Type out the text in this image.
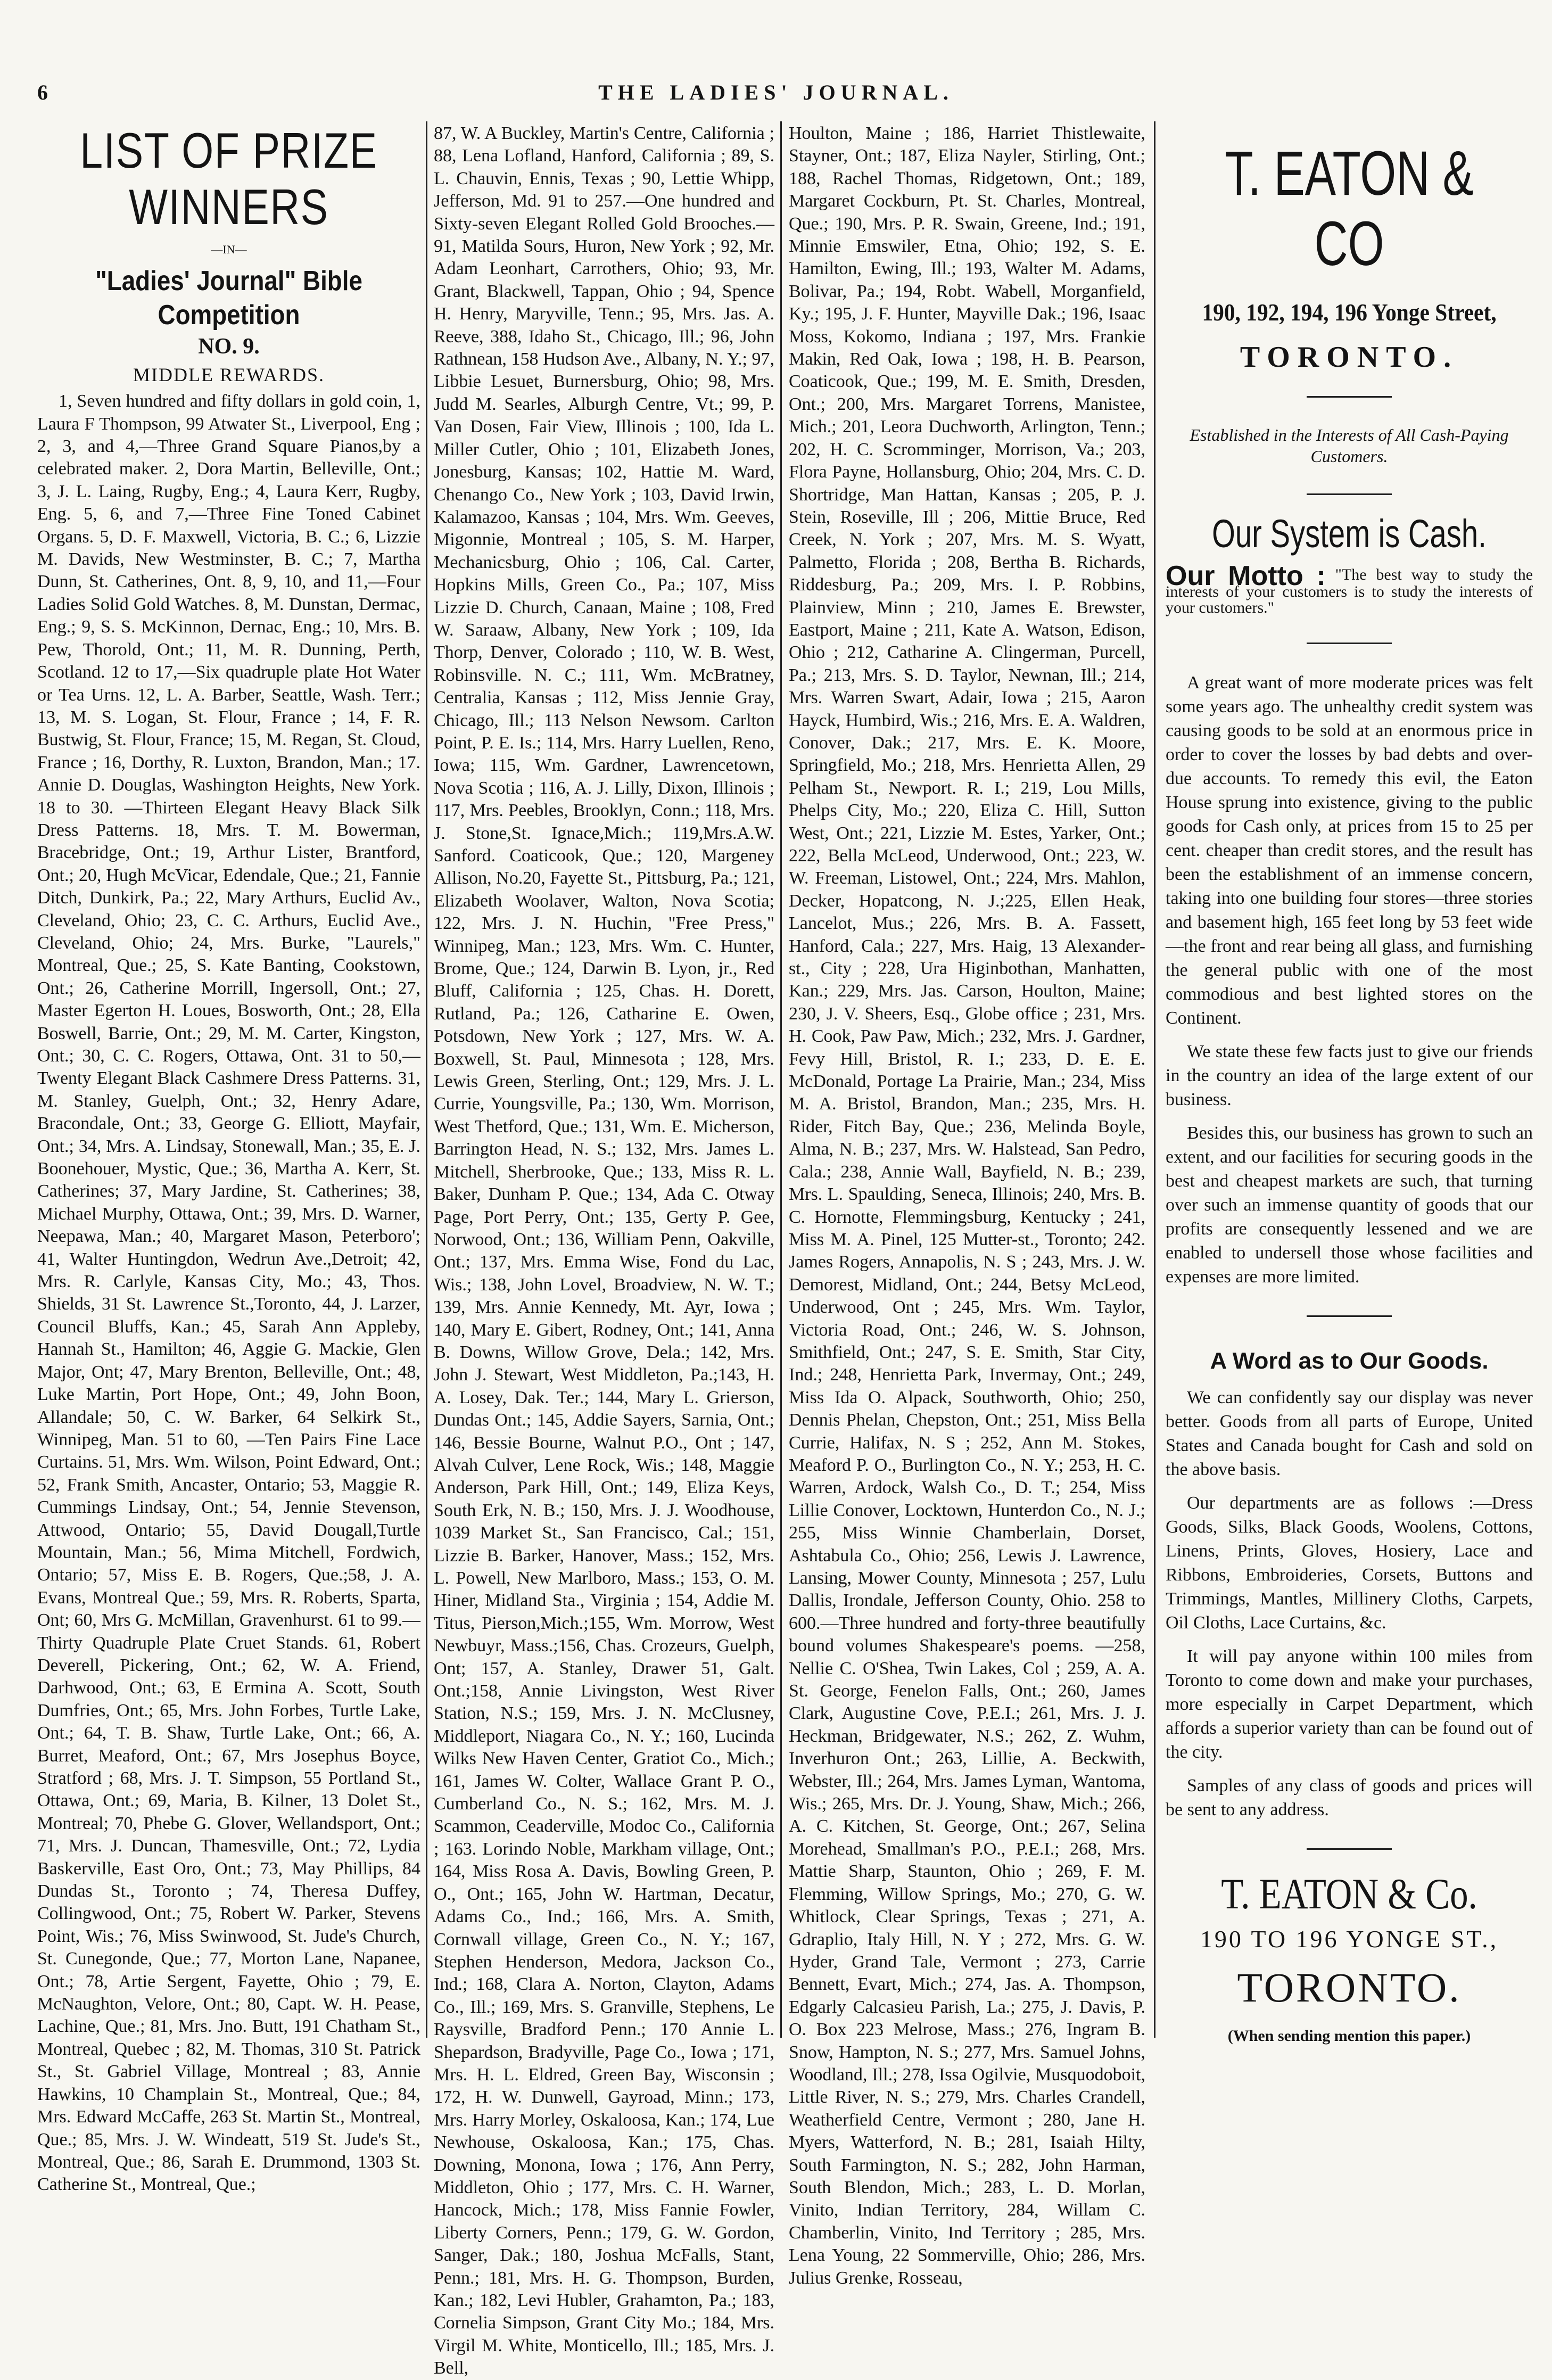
6	THE LADIES' JOURNAL.
LIST OF PRIZE WINNERS
—IN—
"Ladies' Journal" Bible Competition
NO. 9.
MIDDLE REWARDS.

1, Seven hundred and fifty dollars in gold coin, 1, Laura F Thompson, 99 Atwater St., Liverpool, Eng ; 2, 3, and 4,—Three Grand Square Pianos,by a celebrated maker. 2, Dora Martin, Belleville, Ont.; 3, J. L. Laing, Rugby, Eng.; 4, Laura Kerr, Rugby, Eng. 5, 6, and 7,—Three Fine Toned Cabinet Organs. 5, D. F. Maxwell, Victoria, B. C.; 6, Lizzie M. Davids, New Westminster, B. C.; 7, Martha Dunn, St. Catherines, Ont. 8, 9, 10, and 11,—Four Ladies Solid Gold Watches. 8, M. Dunstan, Dermac, Eng.; 9, S. S. McKinnon, Dernac, Eng.; 10, Mrs. B. Pew, Thorold, Ont.; 11, M. R. Dunning, Perth, Scotland. 12 to 17,—Six quadruple plate Hot Water or Tea Urns. 12, L. A. Barber, Seattle, Wash. Terr.; 13, M. S. Logan, St. Flour, France ; 14, F. R. Bustwig, St. Flour, France; 15, M. Regan, St. Cloud, France ; 16, Dorthy, R. Luxton, Brandon, Man.; 17. Annie D. Douglas, Washington Heights, New York. 18 to 30. —Thirteen Elegant Heavy Black Silk Dress Patterns. 18, Mrs. T. M. Bowerman, Bracebridge, Ont.; 19, Arthur Lister, Brantford, Ont.; 20, Hugh McVicar, Edendale, Que.; 21, Fannie Ditch, Dunkirk, Pa.; 22, Mary Arthurs, Euclid Av., Cleveland, Ohio; 23, C. C. Arthurs, Euclid Ave., Cleveland, Ohio; 24, Mrs. Burke, "Laurels," Montreal, Que.; 25, S. Kate Banting, Cookstown, Ont.; 26, Catherine Morrill, Ingersoll, Ont.; 27, Master Egerton H. Loues, Bosworth, Ont.; 28, Ella Boswell, Barrie, Ont.; 29, M. M. Carter, Kingston, Ont.; 30, C. C. Rogers, Ottawa, Ont. 31 to 50,—Twenty Elegant Black Cashmere Dress Patterns. 31, M. Stanley, Guelph, Ont.; 32, Henry Adare, Bracondale, Ont.; 33, George G. Elliott, Mayfair, Ont.; 34, Mrs. A. Lindsay, Stonewall, Man.; 35, E. J. Boonehouer, Mystic, Que.; 36, Martha A. Kerr, St. Catherines; 37, Mary Jardine, St. Catherines; 38, Michael Murphy, Ottawa, Ont.; 39, Mrs. D. Warner, Neepawa, Man.; 40, Margaret Mason, Peterboro'; 41, Walter Huntingdon, Wedrun Ave.,Detroit; 42, Mrs. R. Carlyle, Kansas City, Mo.; 43, Thos. Shields, 31 St. Lawrence St.,Toronto, 44, J. Larzer, Council Bluffs, Kan.; 45, Sarah Ann Appleby, Hannah St., Hamilton; 46, Aggie G. Mackie, Glen Major, Ont; 47, Mary Brenton, Belleville, Ont.; 48, Luke Martin, Port Hope, Ont.; 49, John Boon, Allandale; 50, C. W. Barker, 64 Selkirk St., Winnipeg, Man. 51 to 60, —Ten Pairs Fine Lace Curtains. 51, Mrs. Wm. Wilson, Point Edward, Ont.; 52, Frank Smith, Ancaster, Ontario; 53, Maggie R. Cummings Lindsay, Ont.; 54, Jennie Stevenson, Attwood, Ontario; 55, David Dougall,Turtle Mountain, Man.; 56, Mima Mitchell, Fordwich, Ontario; 57, Miss E. B. Rogers, Que.;58, J. A. Evans, Montreal Que.; 59, Mrs. R. Roberts, Sparta, Ont; 60, Mrs G. McMillan, Gravenhurst. 61 to 99.—Thirty Quadruple Plate Cruet Stands. 61, Robert Deverell, Pickering, Ont.; 62, W. A. Friend, Darhwood, Ont.; 63, E Ermina A. Scott, South Dumfries, Ont.; 65, Mrs. John Forbes, Turtle Lake, Ont.; 64, T. B. Shaw, Turtle Lake, Ont.; 66, A. Burret, Meaford, Ont.; 67, Mrs Josephus Boyce, Stratford ; 68, Mrs. J. T. Simpson, 55 Portland St., Ottawa, Ont.; 69, Maria, B. Kilner, 13 Dolet St., Montreal; 70, Phebe G. Glover, Wellandsport, Ont.; 71, Mrs. J. Duncan, Thamesville, Ont.; 72, Lydia Baskerville, East Oro, Ont.; 73, May Phillips, 84 Dundas St., Toronto ; 74, Theresa Duffey, Collingwood, Ont.; 75, Robert W. Parker, Stevens Point, Wis.; 76, Miss Swinwood, St. Jude's Church, St. Cunegonde, Que.; 77, Morton Lane, Napanee, Ont.; 78, Artie Sergent, Fayette, Ohio ; 79, E. McNaughton, Velore, Ont.; 80, Capt. W. H. Pease, Lachine, Que.; 81, Mrs. Jno. Butt, 191 Chatham St., Montreal, Quebec ; 82, M. Thomas, 310 St. Patrick St., St. Gabriel Village, Montreal ; 83, Annie Hawkins, 10 Champlain St., Montreal, Que.; 84, Mrs. Edward McCaffe, 263 St. Martin St., Montreal, Que.; 85, Mrs. J. W. Windeatt, 519 St. Jude's St., Montreal, Que.; 86, Sarah E. Drummond, 1303 St. Catherine St., Montreal, Que.;

87, W. A Buckley, Martin's Centre, California ; 88, Lena Lofland, Hanford, California ; 89, S. L. Chauvin, Ennis, Texas ; 90, Lettie Whipp, Jefferson, Md. 91 to 257.—One hundred and Sixty-seven Elegant Rolled Gold Brooches.—91, Matilda Sours, Huron, New York ; 92, Mr. Adam Leonhart, Carrothers, Ohio; 93, Mr. Grant, Blackwell, Tappan, Ohio ; 94, Spence H. Henry, Maryville, Tenn.; 95, Mrs. Jas. A. Reeve, 388, Idaho St., Chicago, Ill.; 96, John Rathnean, 158 Hudson Ave., Albany, N. Y.; 97, Libbie Lesuet, Burnersburg, Ohio; 98, Mrs. Judd M. Searles, Alburgh Centre, Vt.; 99, P. Van Dosen, Fair View, Illinois ; 100, Ida L. Miller Cutler, Ohio ; 101, Elizabeth Jones, Jonesburg, Kansas; 102, Hattie M. Ward, Chenango Co., New York ; 103, David Irwin, Kalamazoo, Kansas ; 104, Mrs. Wm. Geeves, Migonnie, Montreal ; 105, S. M. Harper, Mechanicsburg, Ohio ; 106, Cal. Carter, Hopkins Mills, Green Co., Pa.; 107, Miss Lizzie D. Church, Canaan, Maine ; 108, Fred W. Saraaw, Albany, New York ; 109, Ida Thorp, Denver, Colorado ; 110, W. B. West, Robinsville. N. C.; 111, Wm. McBratney, Centralia, Kansas ; 112, Miss Jennie Gray, Chicago, Ill.; 113 Nelson Newsom. Carlton Point, P. E. Is.; 114, Mrs. Harry Luellen, Reno, Iowa; 115, Wm. Gardner, Lawrencetown, Nova Scotia ; 116, A. J. Lilly, Dixon, Illinois ; 117, Mrs. Peebles, Brooklyn, Conn.; 118, Mrs. J. Stone,St. Ignace,Mich.; 119,Mrs.A.W. Sanford. Coaticook, Que.; 120, Margeney Allison, No.20, Fayette St., Pittsburg, Pa.; 121, Elizabeth Woolaver, Walton, Nova Scotia; 122, Mrs. J. N. Huchin, "Free Press," Winnipeg, Man.; 123, Mrs. Wm. C. Hunter, Brome, Que.; 124, Darwin B. Lyon, jr., Red Bluff, California ; 125, Chas. H. Dorett, Rutland, Pa.; 126, Catharine E. Owen, Potsdown, New York ; 127, Mrs. W. A. Boxwell, St. Paul, Minnesota ; 128, Mrs. Lewis Green, Sterling, Ont.; 129, Mrs. J. L. Currie, Youngsville, Pa.; 130, Wm. Morrison, West Thetford, Que.; 131, Wm. E. Micherson, Barrington Head, N. S.; 132, Mrs. James L. Mitchell, Sherbrooke, Que.; 133, Miss R. L. Baker, Dunham P. Que.; 134, Ada C. Otway Page, Port Perry, Ont.; 135, Gerty P. Gee, Norwood, Ont.; 136, William Penn, Oakville, Ont.; 137, Mrs. Emma Wise, Fond du Lac, Wis.; 138, John Lovel, Broadview, N. W. T.; 139, Mrs. Annie Kennedy, Mt. Ayr, Iowa ; 140, Mary E. Gibert, Rodney, Ont.; 141, Anna B. Downs, Willow Grove, Dela.; 142, Mrs. John J. Stewart, West Middleton, Pa.;143, H. A. Losey, Dak. Ter.; 144, Mary L. Grierson, Dundas Ont.; 145, Addie Sayers, Sarnia, Ont.; 146, Bessie Bourne, Walnut P.O., Ont ; 147, Alvah Culver, Lene Rock, Wis.; 148, Maggie Anderson, Park Hill, Ont.; 149, Eliza Keys, South Erk, N. B.; 150, Mrs. J. J. Woodhouse, 1039 Market St., San Francisco, Cal.; 151, Lizzie B. Barker, Hanover, Mass.; 152, Mrs. L. Powell, New Marlboro, Mass.; 153, O. M. Hiner, Midland Sta., Virginia ; 154, Addie M. Titus, Pierson,Mich.;155, Wm. Morrow, West Newbuyr, Mass.;156, Chas. Crozeurs, Guelph, Ont; 157, A. Stanley, Drawer 51, Galt. Ont.;158, Annie Livingston, West River Station, N.S.; 159, Mrs. J. N. McClusney, Middleport, Niagara Co., N. Y.; 160, Lucinda Wilks New Haven Center, Gratiot Co., Mich.; 161, James W. Colter, Wallace Grant P. O., Cumberland Co., N. S.; 162, Mrs. M. J. Scammon, Ceaderville, Modoc Co., California ; 163. Lorindo Noble, Markham village, Ont.; 164, Miss Rosa A. Davis, Bowling Green, P. O., Ont.; 165, John W. Hartman, Decatur, Adams Co., Ind.; 166, Mrs. A. Smith, Cornwall village, Green Co., N. Y.; 167, Stephen Henderson, Medora, Jackson Co., Ind.; 168, Clara A. Norton, Clayton, Adams Co., Ill.; 169, Mrs. S. Granville, Stephens, Le Raysville, Bradford Penn.; 170 Annie L. Shepardson, Bradyville, Page Co., Iowa ; 171, Mrs. H. L. Eldred, Green Bay, Wisconsin ; 172, H. W. Dunwell, Gayroad, Minn.; 173, Mrs. Harry Morley, Oskaloosa, Kan.; 174, Lue Newhouse, Oskaloosa, Kan.; 175, Chas. Downing, Monona, Iowa ; 176, Ann Perry, Middleton, Ohio ; 177, Mrs. C. H. Warner, Hancock, Mich.; 178, Miss Fannie Fowler, Liberty Corners, Penn.; 179, G. W. Gordon, Sanger, Dak.; 180, Joshua McFalls, Stant, Penn.; 181, Mrs. H. G. Thompson, Burden, Kan.; 182, Levi Hubler, Grahamton, Pa.; 183, Cornelia Simpson, Grant City Mo.; 184, Mrs. Virgil M. White, Monticello, Ill.; 185, Mrs. J. Bell,

Houlton, Maine ; 186, Harriet Thistlewaite, Stayner, Ont.; 187, Eliza Nayler, Stirling, Ont.; 188, Rachel Thomas, Ridgetown, Ont.; 189, Margaret Cockburn, Pt. St. Charles, Montreal, Que.; 190, Mrs. P. R. Swain, Greene, Ind.; 191, Minnie Emswiler, Etna, Ohio; 192, S. E. Hamilton, Ewing, Ill.; 193, Walter M. Adams, Bolivar, Pa.; 194, Robt. Wabell, Morganfield, Ky.; 195, J. F. Hunter, Mayville Dak.; 196, Isaac Moss, Kokomo, Indiana ; 197, Mrs. Frankie Makin, Red Oak, Iowa ; 198, H. B. Pearson, Coaticook, Que.; 199, M. E. Smith, Dresden, Ont.; 200, Mrs. Margaret Torrens, Manistee, Mich.; 201, Leora Duchworth, Arlington, Tenn.; 202, H. C. Scromminger, Morrison, Va.; 203, Flora Payne, Hollansburg, Ohio; 204, Mrs. C. D. Shortridge, Man Hattan, Kansas ; 205, P. J. Stein, Roseville, Ill ; 206, Mittie Bruce, Red Creek, N. York ; 207, Mrs. M. S. Wyatt, Palmetto, Florida ; 208, Bertha B. Richards, Riddesburg, Pa.; 209, Mrs. I. P. Robbins, Plainview, Minn ; 210, James E. Brewster, Eastport, Maine ; 211, Kate A. Watson, Edison, Ohio ; 212, Catharine A. Clingerman, Purcell, Pa.; 213, Mrs. S. D. Taylor, Newnan, Ill.; 214, Mrs. Warren Swart, Adair, Iowa ; 215, Aaron Hayck, Humbird, Wis.; 216, Mrs. E. A. Waldren, Conover, Dak.; 217, Mrs. E. K. Moore, Springfield, Mo.; 218, Mrs. Henrietta Allen, 29 Pelham St., Newport. R. I.; 219, Lou Mills, Phelps City, Mo.; 220, Eliza C. Hill, Sutton West, Ont.; 221, Lizzie M. Estes, Yarker, Ont.; 222, Bella McLeod, Underwood, Ont.; 223, W. W. Freeman, Listowel, Ont.; 224, Mrs. Mahlon, Decker, Hopatcong, N. J.;225, Ellen Heak, Lancelot, Mus.; 226, Mrs. B. A. Fassett, Hanford, Cala.; 227, Mrs. Haig, 13 Alexander-st., City ; 228, Ura Higinbothan, Manhatten, Kan.; 229, Mrs. Jas. Carson, Houlton, Maine; 230, J. V. Sheers, Esq., Globe office ; 231, Mrs. H. Cook, Paw Paw, Mich.; 232, Mrs. J. Gardner, Fevy Hill, Bristol, R. I.; 233, D. E. E. McDonald, Portage La Prairie, Man.; 234, Miss M. A. Bristol, Brandon, Man.; 235, Mrs. H. Rider, Fitch Bay, Que.; 236, Melinda Boyle, Alma, N. B.; 237, Mrs. W. Halstead, San Pedro, Cala.; 238, Annie Wall, Bayfield, N. B.; 239, Mrs. L. Spaulding, Seneca, Illinois; 240, Mrs. B. C. Hornotte, Flemmingsburg, Kentucky ; 241, Miss M. A. Pinel, 125 Mutter-st., Toronto; 242. James Rogers, Annapolis, N. S ; 243, Mrs. J. W. Demorest, Midland, Ont.; 244, Betsy McLeod, Underwood, Ont ; 245, Mrs. Wm. Taylor, Victoria Road, Ont.; 246, W. S. Johnson, Smithfield, Ont.; 247, S. E. Smith, Star City, Ind.; 248, Henrietta Park, Invermay, Ont.; 249, Miss Ida O. Alpack, Southworth, Ohio; 250, Dennis Phelan, Chepston, Ont.; 251, Miss Bella Currie, Halifax, N. S ; 252, Ann M. Stokes, Meaford P. O., Burlington Co., N. Y.; 253, H. C. Warren, Ardock, Walsh Co., D. T.; 254, Miss Lillie Conover, Locktown, Hunterdon Co., N. J.; 255, Miss Winnie Chamberlain, Dorset, Ashtabula Co., Ohio; 256, Lewis J. Lawrence, Lansing, Mower County, Minnesota ; 257, Lulu Dallis, Irondale, Jefferson County, Ohio. 258 to 600.—Three hundred and forty-three beautifully bound volumes Shakespeare's poems. —258, Nellie C. O'Shea, Twin Lakes, Col ; 259, A. A. St. George, Fenelon Falls, Ont.; 260, James Clark, Augustine Cove, P.E.I.; 261, Mrs. J. J. Heckman, Bridgewater, N.S.; 262, Z. Wuhm, Inverhuron Ont.; 263, Lillie, A. Beckwith, Webster, Ill.; 264, Mrs. James Lyman, Wantoma, Wis.; 265, Mrs. Dr. J. Young, Shaw, Mich.; 266, A. C. Kitchen, St. George, Ont.; 267, Selina Morehead, Smallman's P.O., P.E.I.; 268, Mrs. Mattie Sharp, Staunton, Ohio ; 269, F. M. Flemming, Willow Springs, Mo.; 270, G. W. Whitlock, Clear Springs, Texas ; 271, A. Gdraplio, Italy Hill, N. Y ; 272, Mrs. G. W. Hyder, Grand Tale, Vermont ; 273, Carrie Bennett, Evart, Mich.; 274, Jas. A. Thompson, Edgarly Calcasieu Parish, La.; 275, J. Davis, P. O. Box 223 Melrose, Mass.; 276, Ingram B. Snow, Hampton, N. S.; 277, Mrs. Samuel Johns, Woodland, Ill.; 278, Issa Ogilvie, Musquodoboit, Little River, N. S.; 279, Mrs. Charles Crandell, Weatherfield Centre, Vermont ; 280, Jane H. Myers, Watterford, N. B.; 281, Isaiah Hilty, South Farmington, N. S.; 282, John Harman, South Blendon, Mich.; 283, L. D. Morlan, Vinito, Indian Territory, 284, Willam C. Chamberlin, Vinito, Ind Territory ; 285, Mrs. Lena Young, 22 Sommerville, Ohio; 286, Mrs. Julius Grenke, Rosseau,

T. EATON & CO
190, 192, 194, 196 Yonge Street,
TORONTO.
Established in the Interests of All Cash-Paying Customers.
Our System is Cash.
Our Motto : "The best way to study the interests of your customers is to study the interests of your customers."

A great want of more moderate prices was felt some years ago. The unhealthy credit system was causing goods to be sold at an enormous price in order to cover the losses by bad debts and over-due accounts. To remedy this evil, the Eaton House sprung into existence, giving to the public goods for Cash only, at prices from 15 to 25 per cent. cheaper than credit stores, and the result has been the establishment of an immense concern, taking into one building four stores—three stories and basement high, 165 feet long by 53 feet wide—the front and rear being all glass, and furnishing the general public with one of the most commodious and best lighted stores on the Continent.

We state these few facts just to give our friends in the country an idea of the large extent of our business.

Besides this, our business has grown to such an extent, and our facilities for securing goods in the best and cheapest markets are such, that turning over such an immense quantity of goods that our profits are consequently lessened and we are enabled to undersell those whose facilities and expenses are more limited.

A Word as to Our Goods.

We can confidently say our display was never better. Goods from all parts of Europe, United States and Canada bought for Cash and sold on the above basis.

Our departments are as follows :—Dress Goods, Silks, Black Goods, Woolens, Cottons, Linens, Prints, Gloves, Hosiery, Lace and Ribbons, Embroideries, Corsets, Buttons and Trimmings, Mantles, Millinery Cloths, Carpets, Oil Cloths, Lace Curtains, &c.

It will pay anyone within 100 miles from Toronto to come down and make your purchases, more especially in Carpet Department, which affords a superior variety than can be found out of the city.

Samples of any class of goods and prices will be sent to any address.

T. EATON & Co.
190 TO 196 YONGE ST.,
TORONTO.
(When sending mention this paper.)
